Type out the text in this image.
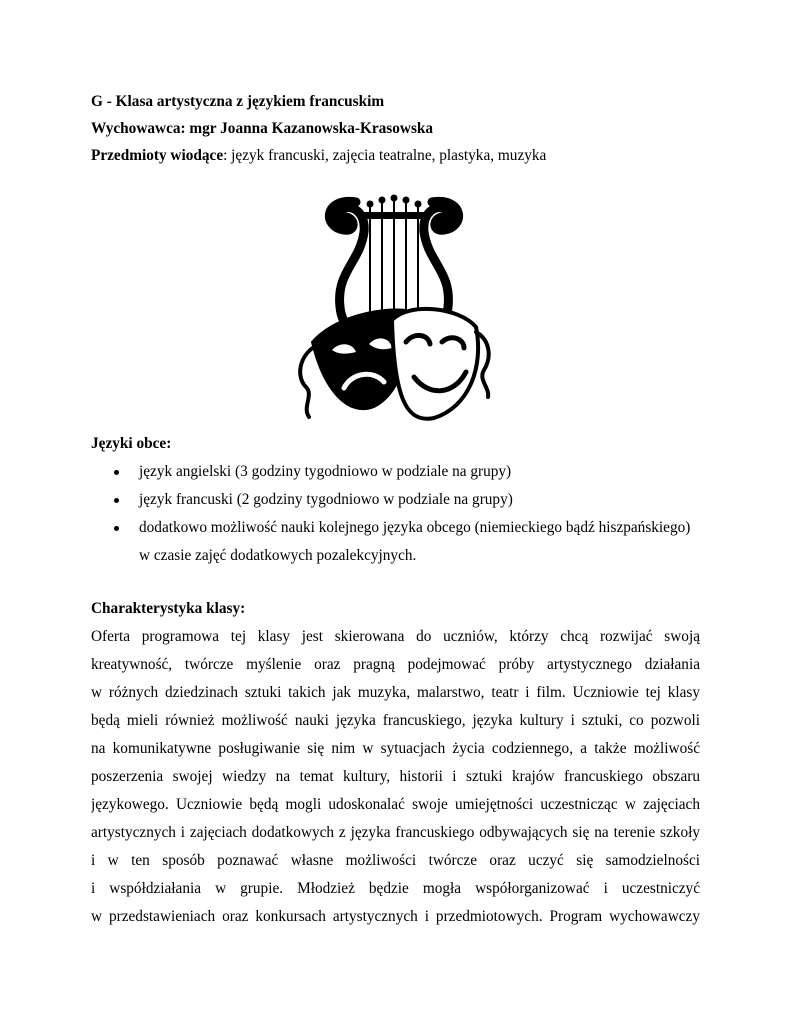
G - Klasa artystyczna z językiem francuskim
Wychowawca: mgr Joanna Kazanowska-Krasowska
Przedmioty wiodące: język francuski, zajęcia teatralne, plastyka, muzyka
Języki obce:
język angielski (3 godziny tygodniowo w podziale na grupy)
język francuski (2 godziny tygodniowo w podziale na grupy)
dodatkowo możliwość nauki kolejnego języka obcego (niemieckiego bądź hiszpańskiego)
w czasie zajęć dodatkowych pozalekcyjnych.
Charakterystyka klasy:
Oferta programowa tej klasy jest skierowana do uczniów, którzy chcą rozwijać swoją
kreatywność, twórcze myślenie oraz pragną podejmować próby artystycznego działania
w różnych dziedzinach sztuki takich jak muzyka, malarstwo, teatr i film. Uczniowie tej klasy
będą mieli również możliwość nauki języka francuskiego, języka kultury i sztuki, co pozwoli
na komunikatywne posługiwanie się nim w sytuacjach życia codziennego, a także możliwość
poszerzenia swojej wiedzy na temat kultury, historii i sztuki krajów francuskiego obszaru
językowego. Uczniowie będą mogli udoskonalać swoje umiejętności uczestnicząc w zajęciach
artystycznych i zajęciach dodatkowych z języka francuskiego odbywających się na terenie szkoły
i w ten sposób poznawać własne możliwości twórcze oraz uczyć się samodzielności
i współdziałania w grupie. Młodzież będzie mogła współorganizować i uczestniczyć
w przedstawieniach oraz konkursach artystycznych i przedmiotowych. Program wychowawczy
